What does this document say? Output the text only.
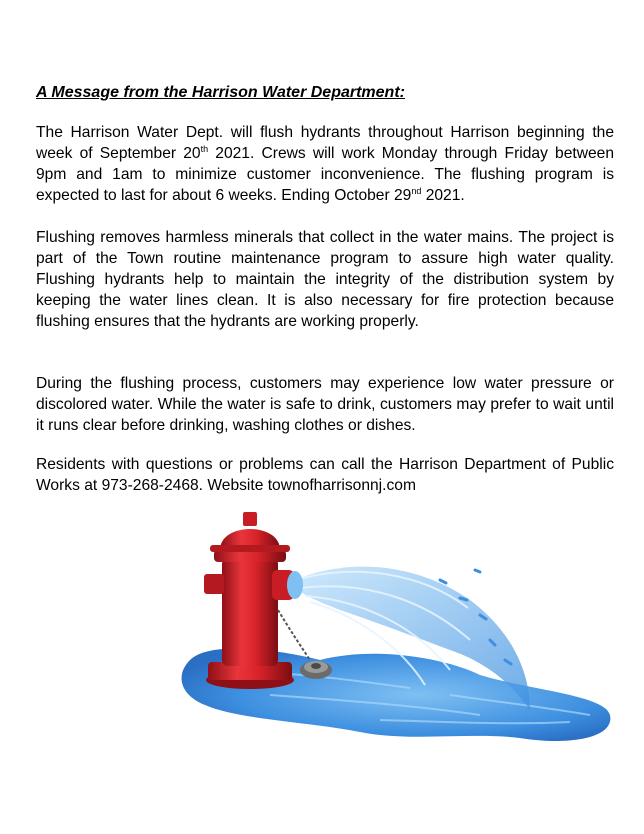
A Message from the Harrison Water Department:

The Harrison Water Dept. will flush hydrants throughout Harrison beginning the week of September 20th 2021. Crews will work Monday through Friday between 9pm and 1am to minimize customer inconvenience. The flushing program is expected to last for about 6 weeks. Ending October 29nd 2021.

Flushing removes harmless minerals that collect in the water mains. The project is part of the Town routine maintenance program to assure high water quality. Flushing hydrants help to maintain the integrity of the distribution system by keeping the water lines clean. It is also necessary for fire protection because flushing ensures that the hydrants are working properly.

During the flushing process, customers may experience low water pressure or discolored water. While the water is safe to drink, customers may prefer to wait until it runs clear before drinking, washing clothes or dishes.

Residents with questions or problems can call the Harrison Department of Public Works at 973-268-2468. Website townofharrisonnj.com
